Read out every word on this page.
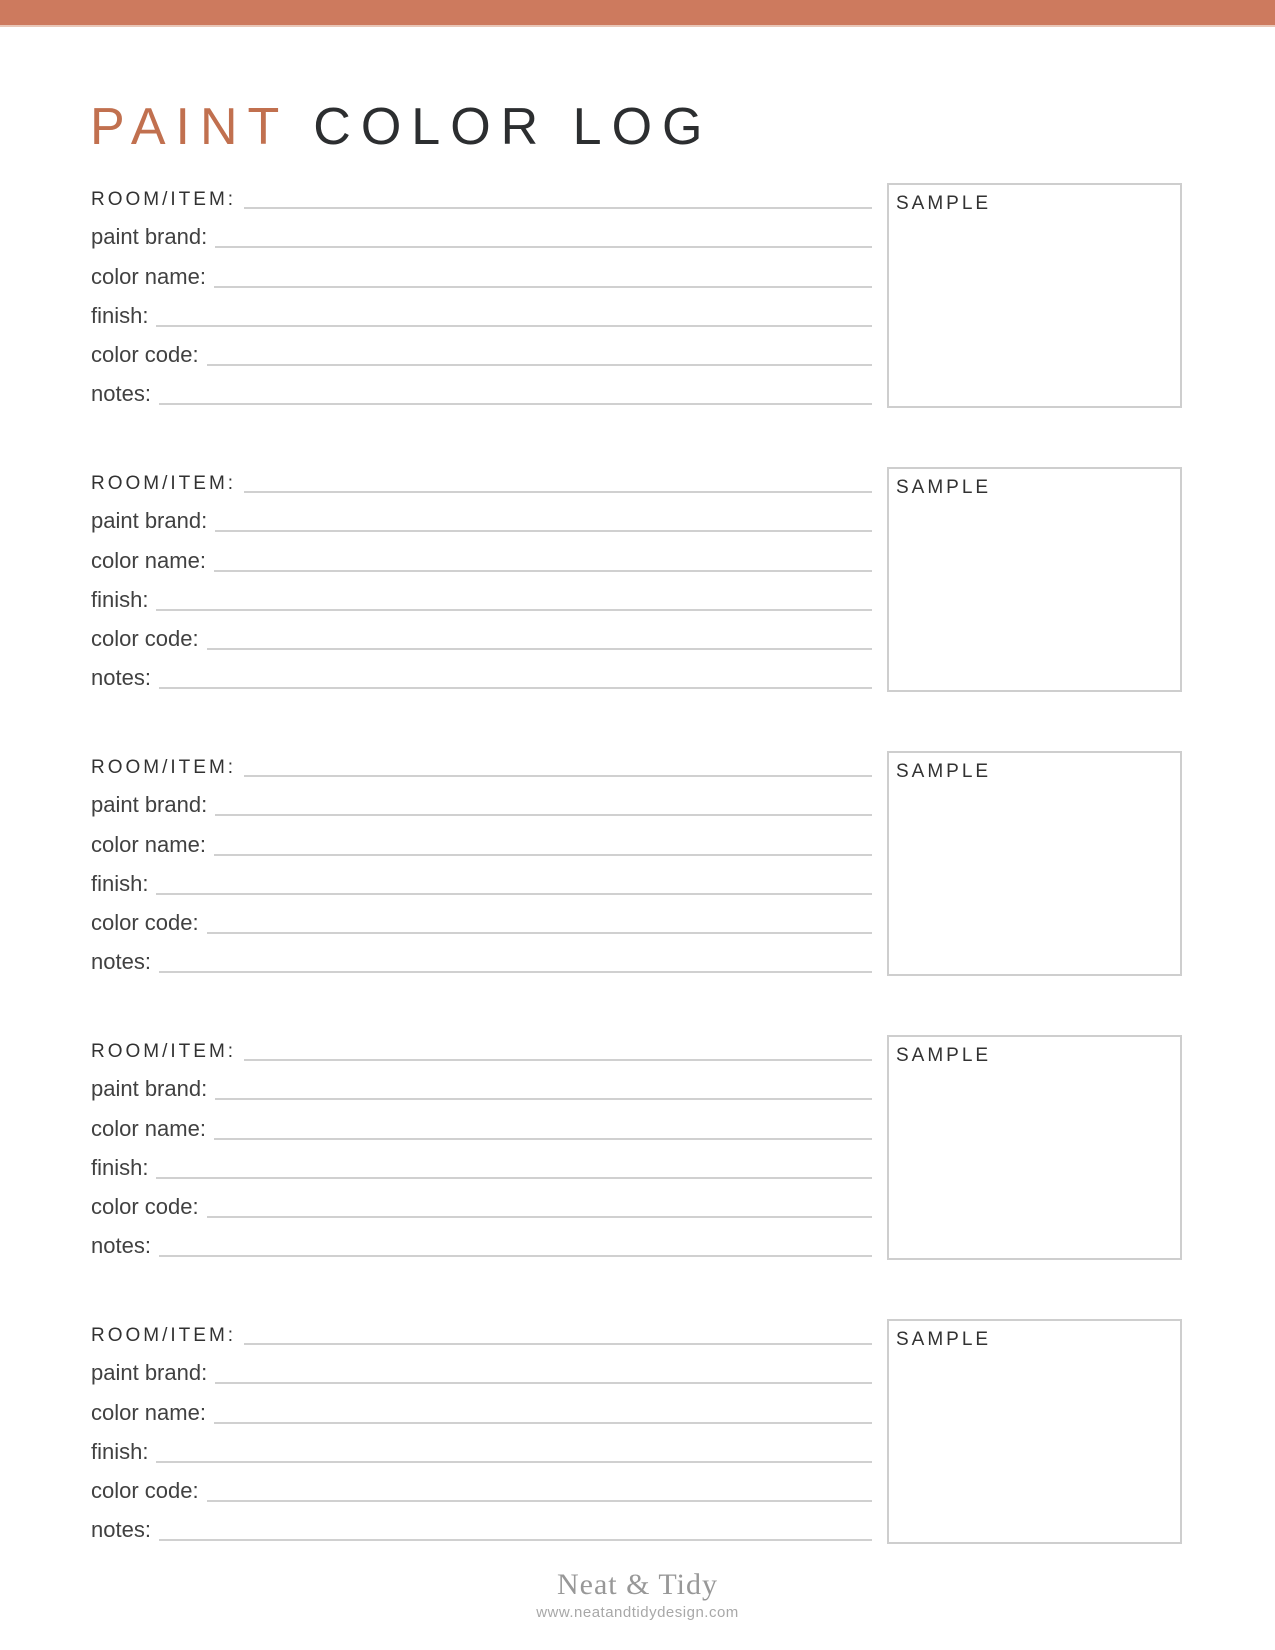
PAINT COLOR LOG
ROOM/ITEM:
paint brand:
color name:
finish:
color code:
notes:
SAMPLE
ROOM/ITEM:
paint brand:
color name:
finish:
color code:
notes:
SAMPLE
ROOM/ITEM:
paint brand:
color name:
finish:
color code:
notes:
SAMPLE
ROOM/ITEM:
paint brand:
color name:
finish:
color code:
notes:
SAMPLE
ROOM/ITEM:
paint brand:
color name:
finish:
color code:
notes:
SAMPLE
Neat & Tidy
www.neatandtidydesign.com
